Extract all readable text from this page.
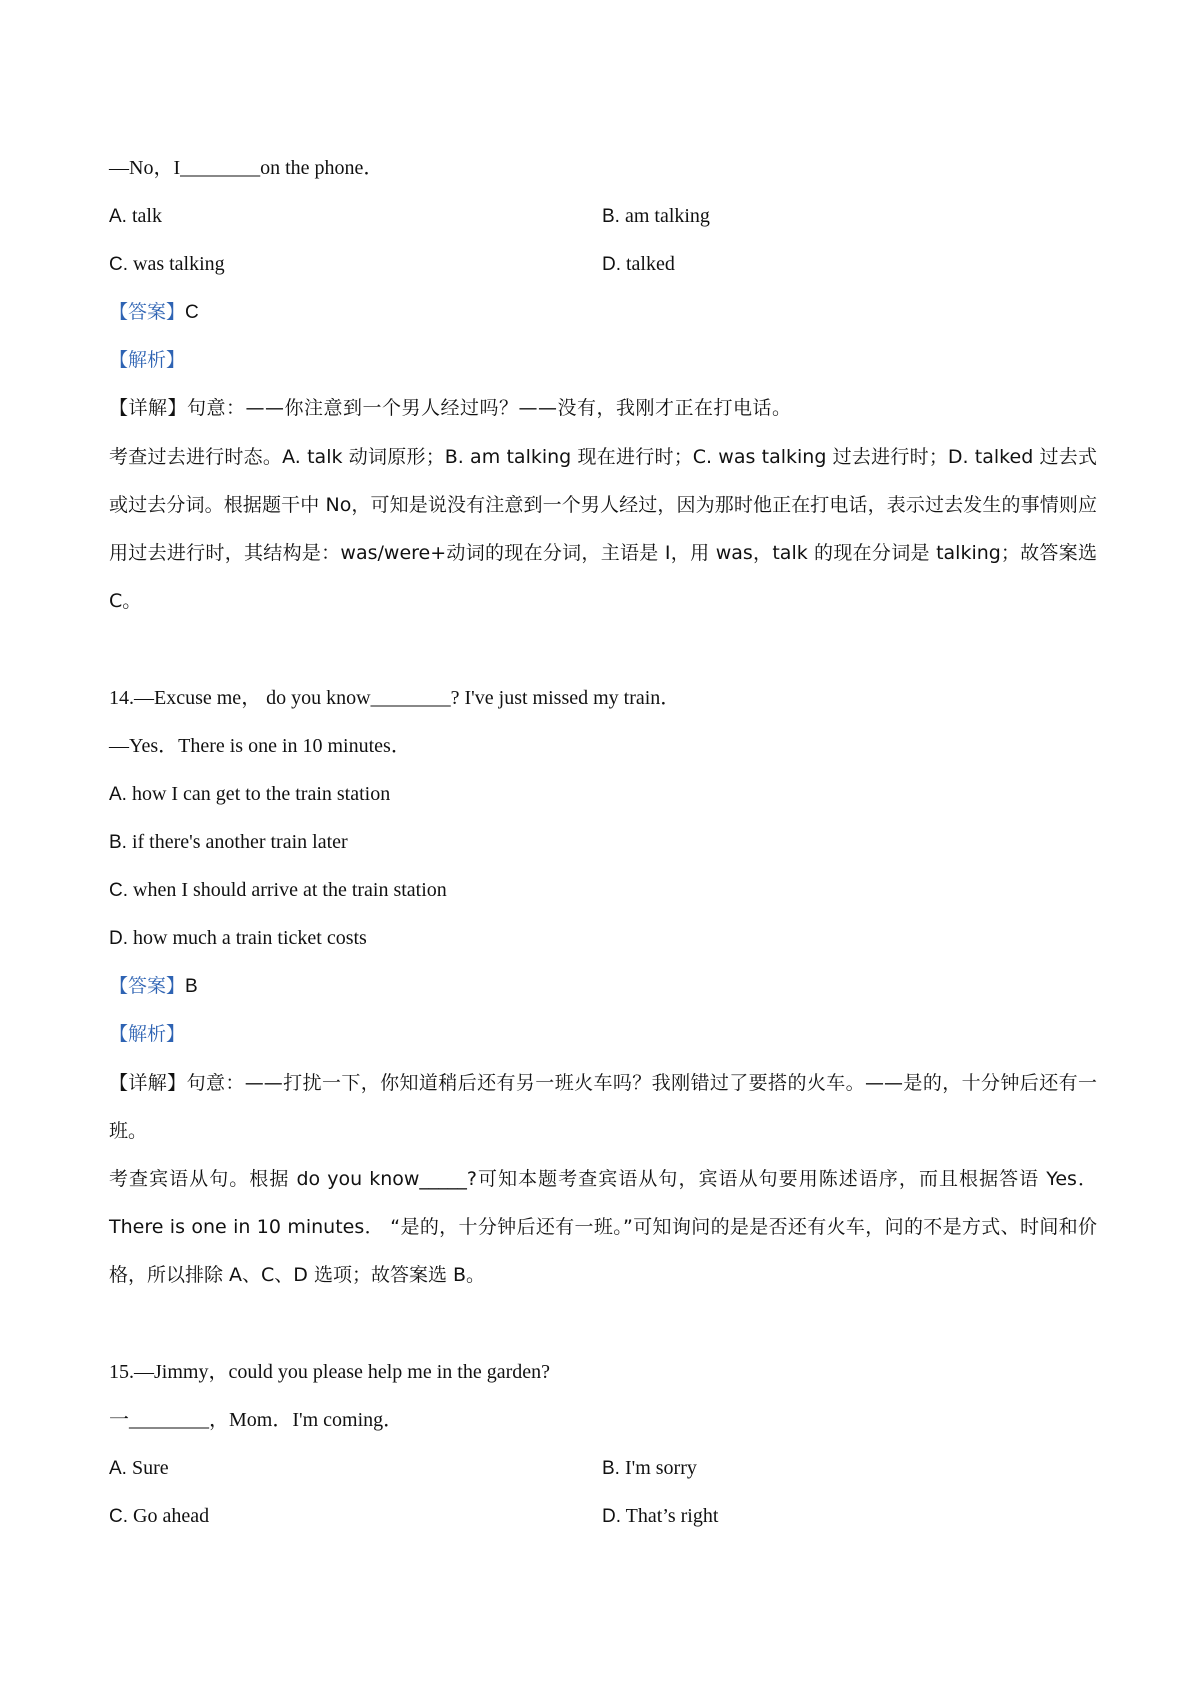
—No，I________on the phone．
A. talk	B. am talking
C. was talking	D. talked
【答案】C
【解析】
【详解】句意：——你注意到一个男人经过吗？——没有，我刚才正在打电话。
考查过去进行时态。A. talk 动词原形；B. am talking 现在进行时；C. was talking 过去进行时；D. talked 过去式或过去分词。根据题干中 No，可知是说没有注意到一个男人经过，因为那时他正在打电话，表示过去发生的事情则应用过去进行时，其结构是：was/were+动词的现在分词，主语是 I，用 was，talk 的现在分词是 talking；故答案选 C。
14.—Excuse me， do you know________? I've just missed my train．
—Yes．There is one in 10 minutes．
A. how I can get to the train station
B. if there's another train later
C. when I should arrive at the train station
D. how much a train ticket costs
【答案】B
【解析】
【详解】句意：——打扰一下，你知道稍后还有另一班火车吗？我刚错过了要搭的火车。——是的，十分钟后还有一班。
考查宾语从句。根据 do you know_____?可知本题考查宾语从句，宾语从句要用陈述语序，而且根据答语 Yes．There is one in 10 minutes． “是的，十分钟后还有一班。”可知询问的是是否还有火车，问的不是方式、时间和价格，所以排除 A、C、D 选项；故答案选 B。
15.—Jimmy，could you please help me in the garden?
一________，Mom．I'm coming．
A. Sure	B. I'm sorry
C. Go ahead	D. That’s right
